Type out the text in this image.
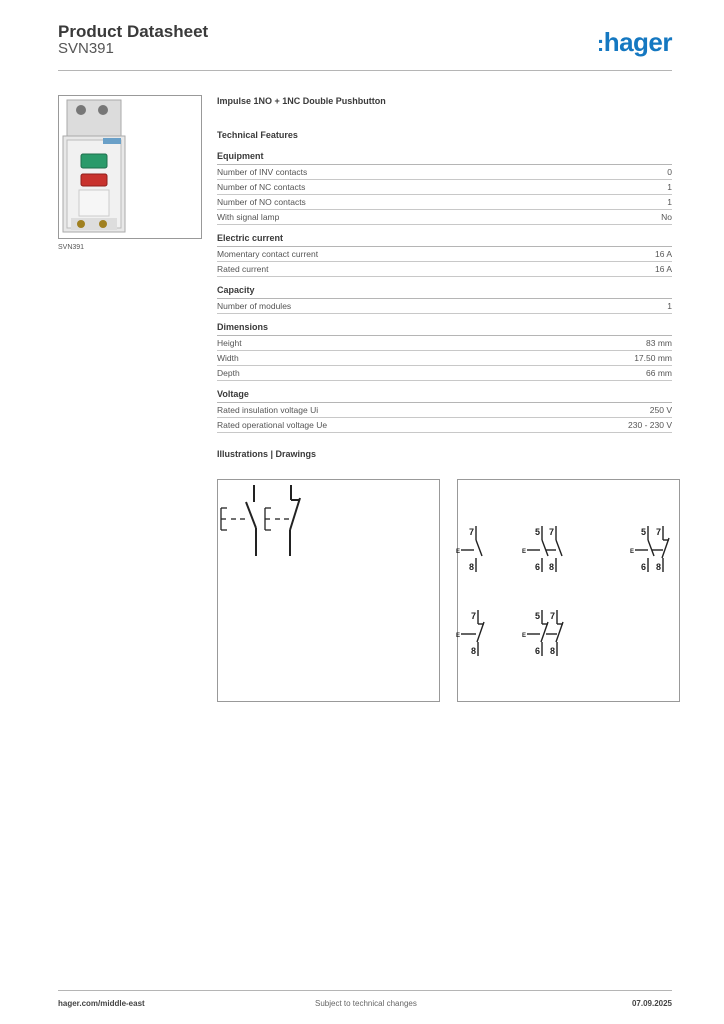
Product Datasheet
SVN391	:hager
SVN391
Impulse 1NO + 1NC Double Pushbutton
Technical Features
Equipment
Number of INV contacts	0
Number of NC contacts	1
Number of NO contacts	1
With signal lamp	No
Electric current
Momentary contact current	16 A
Rated current	16 A
Capacity
Number of modules	1
Dimensions
Height	83 mm
Width	17.50 mm
Depth	66 mm
Voltage
Rated insulation voltage Ui	250 V
Rated operational voltage Ue	230 - 230 V
Illustrations | Drawings
7
8
E
5
6
7
8
E
5
6
7
8
E
7
8
E
5
6
7
8
E
hager.com/middle-east	Subject to technical changes	07.09.2025
